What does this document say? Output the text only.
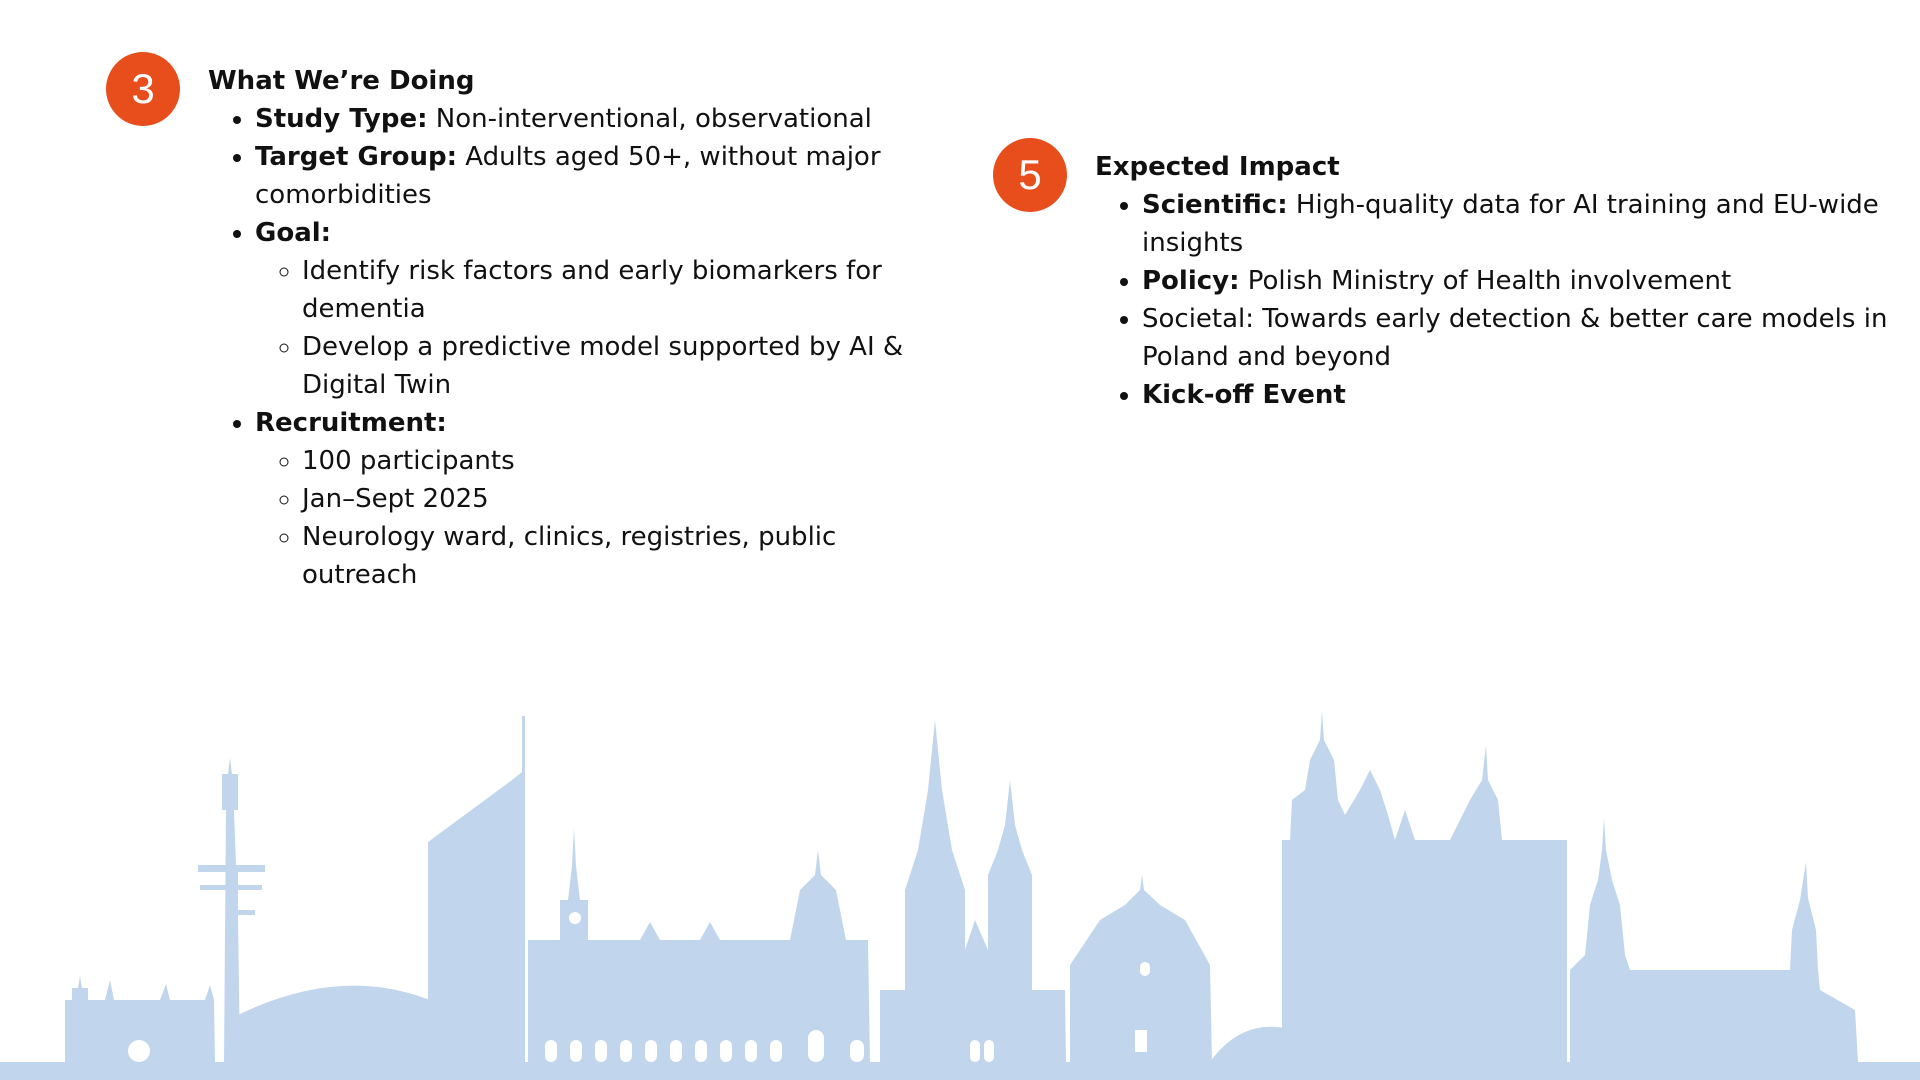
3	What We’re Doing

• Study Type: Non-interventional, observational
• Target Group: Adults aged 50+, without major comorbidities
• Goal:
◦ Identify risk factors and early biomarkers for dementia
◦ Develop a predictive model supported by AI & Digital Twin
• Recruitment:
◦ 100 participants
◦ Jan–Sept 2025
◦ Neurology ward, clinics, registries, public outreach
5	Expected Impact

• Scientific: High-quality data for AI training and EU-wide insights
• Policy: Polish Ministry of Health involvement
• Societal: Towards early detection & better care models in Poland and beyond
• Kick-off Event
